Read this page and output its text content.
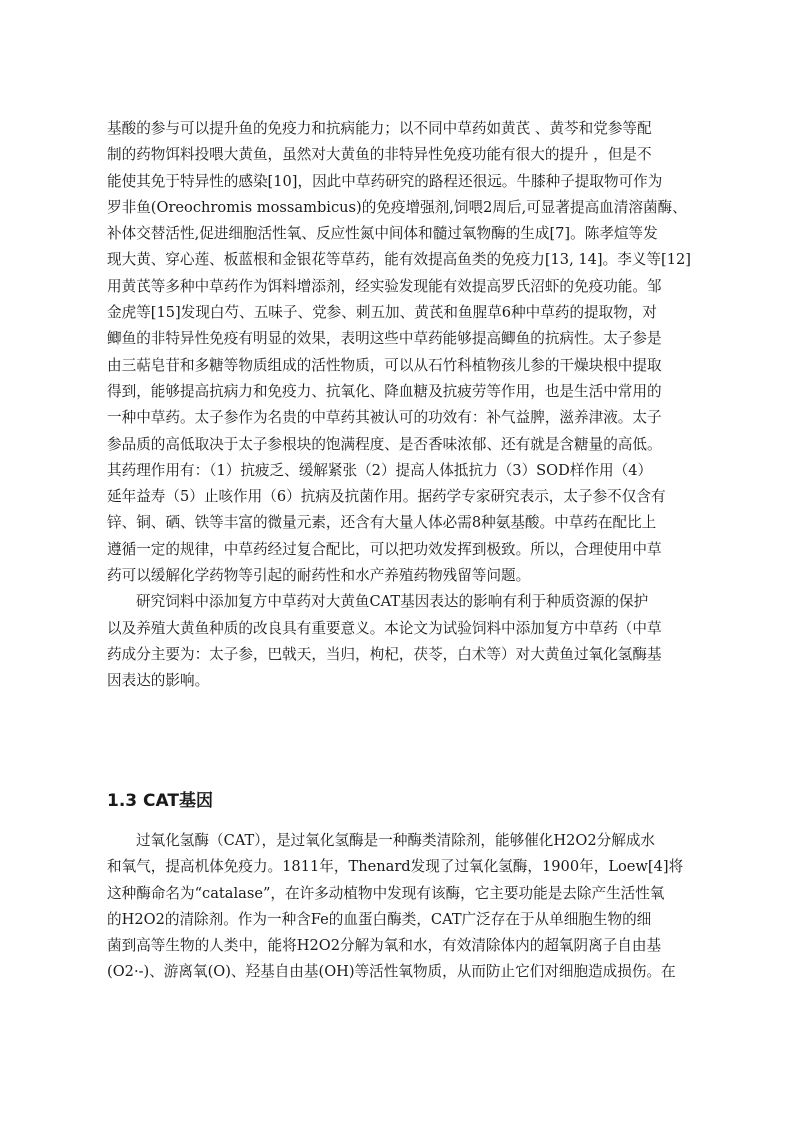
基酸的参与可以提升鱼的免疫力和抗病能力；以不同中草药如黄芪 、黄芩和党参等配
制的药物饵料投喂大黄鱼，虽然对大黄鱼的非特异性免疫功能有很大的提升 ，但是不
能使其免于特异性的感染[10]，因此中草药研究的路程还很远。牛膝种子提取物可作为
罗非鱼(Oreochromis mossambicus)的免疫增强剂,饲喂2周后,可显著提高血清溶菌酶、
补体交替活性,促进细胞活性氧、反应性氮中间体和髓过氧物酶的生成[7]。陈孝煊等发
现大黄、穿心莲、板蓝根和金银花等草药，能有效提高鱼类的免疫力[13, 14]。李义等[12]
用黄芪等多种中草药作为饵料增添剂，经实验发现能有效提高罗氏沼虾的免疫功能。邹
金虎等[15]发现白芍、五味子、党参、刺五加、黄芪和鱼腥草6种中草药的提取物，对
鲫鱼的非特异性免疫有明显的效果，表明这些中草药能够提高鲫鱼的抗病性。太子参是
由三萜皂苷和多糖等物质组成的活性物质，可以从石竹科植物孩儿参的干燥块根中提取
得到，能够提高抗病力和免疫力、抗氧化、降血糖及抗疲劳等作用，也是生活中常用的
一种中草药。太子参作为名贵的中草药其被认可的功效有：补气益脾，滋养津液。太子
参品质的高低取决于太子参根块的饱满程度、是否香味浓郁、还有就是含糖量的高低。
其药理作用有：（1）抗疲乏、缓解紧张（2）提高人体抵抗力（3）SOD样作用（4）
延年益寿（5）止咳作用（6）抗病及抗菌作用。据药学专家研究表示，太子参不仅含有
锌、铜、硒、铁等丰富的微量元素，还含有大量人体必需8种氨基酸。中草药在配比上
遵循一定的规律，中草药经过复合配比，可以把功效发挥到极致。所以，合理使用中草
药可以缓解化学药物等引起的耐药性和水产养殖药物残留等问题。
研究饲料中添加复方中草药对大黄鱼CAT基因表达的影响有利于种质资源的保护
以及养殖大黄鱼种质的改良具有重要意义。本论文为试验饲料中添加复方中草药（中草
药成分主要为：太子参，巴戟天，当归，枸杞，茯苓，白术等）对大黄鱼过氧化氢酶基
因表达的影响。
1.3 CAT基因
过氧化氢酶（CAT），是过氧化氢酶是一种酶类清除剂，能够催化H2O2分解成水
和氧气，提高机体免疫力。1811年，Thenard发现了过氧化氢酶，1900年，Loew[4]将
这种酶命名为“catalase”，在许多动植物中发现有该酶，它主要功能是去除产生活性氧
的H2O2的清除剂。作为一种含Fe的血蛋白酶类，CAT广泛存在于从单细胞生物的细
菌到高等生物的人类中，能将H2O2分解为氧和水，有效清除体内的超氧阴离子自由基
(O2·-)、游离氧(O)、羟基自由基(OH)等活性氧物质，从而防止它们对细胞造成损伤。在
